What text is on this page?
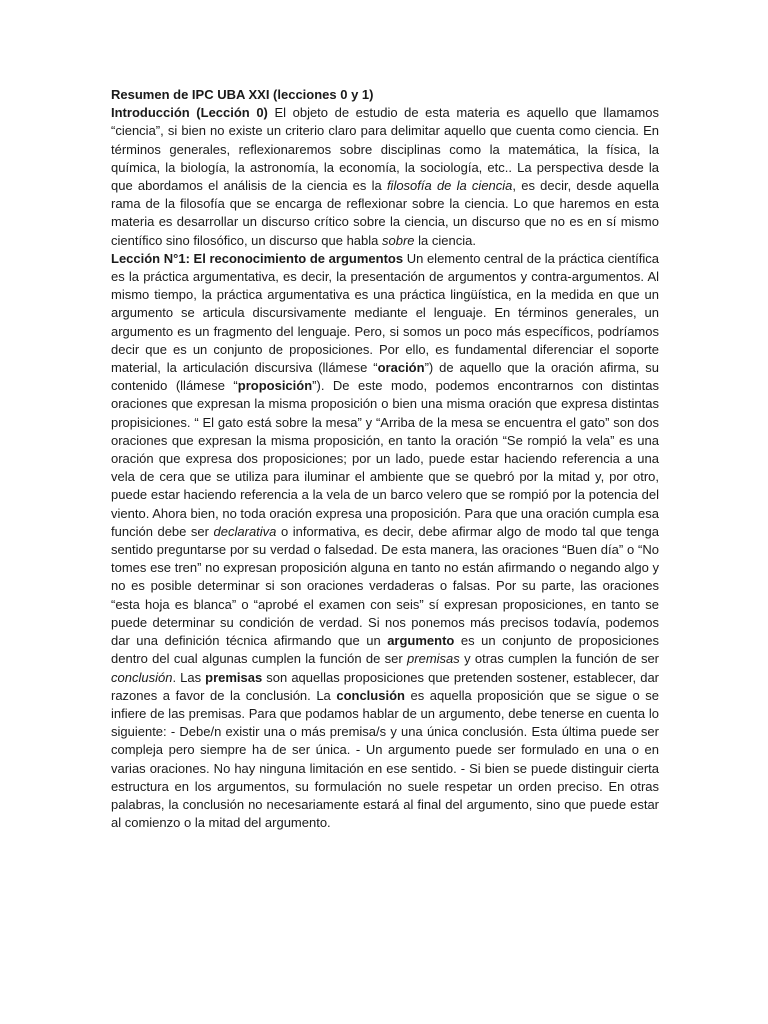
Resumen de IPC UBA XXI (lecciones 0 y 1)

Introducción (Lección 0) El objeto de estudio de esta materia es aquello que llamamos “ciencia”, si bien no existe un criterio claro para delimitar aquello que cuenta como ciencia. En términos generales, reflexionaremos sobre disciplinas como la matemática, la física, la química, la biología, la astronomía, la economía, la sociología, etc.. La perspectiva desde la que abordamos el análisis de la ciencia es la filosofía de la ciencia, es decir, desde aquella rama de la filosofía que se encarga de reflexionar sobre la ciencia. Lo que haremos en esta materia es desarrollar un discurso crítico sobre la ciencia, un discurso que no es en sí mismo científico sino filosófico, un discurso que habla sobre la ciencia.

Lección N°1: El reconocimiento de argumentos Un elemento central de la práctica científica es la práctica argumentativa, es decir, la presentación de argumentos y contra-argumentos. Al mismo tiempo, la práctica argumentativa es una práctica lingüística, en la medida en que un argumento se articula discursivamente mediante el lenguaje. En términos generales, un argumento es un fragmento del lenguaje. Pero, si somos un poco más específicos, podríamos decir que es un conjunto de proposiciones. Por ello, es fundamental diferenciar el soporte material, la articulación discursiva (llámese “oración”) de aquello que la oración afirma, su contenido (llámese “proposición”). De este modo, podemos encontrarnos con distintas oraciones que expresan la misma proposición o bien una misma oración que expresa distintas propisiciones. “ El gato está sobre la mesa” y “Arriba de la mesa se encuentra el gato” son dos oraciones que expresan la misma proposición, en tanto la oración “Se rompió la vela” es una oración que expresa dos proposiciones; por un lado, puede estar haciendo referencia a una vela de cera que se utiliza para iluminar el ambiente que se quebró por la mitad y, por otro, puede estar haciendo referencia a la vela de un barco velero que se rompió por la potencia del viento. Ahora bien, no toda oración expresa una proposición. Para que una oración cumpla esa función debe ser declarativa o informativa, es decir, debe afirmar algo de modo tal que tenga sentido preguntarse por su verdad o falsedad. De esta manera, las oraciones “Buen día” o “No tomes ese tren” no expresan proposición alguna en tanto no están afirmando o negando algo y no es posible determinar si son oraciones verdaderas o falsas. Por su parte, las oraciones “esta hoja es blanca” o “aprobé el examen con seis” sí expresan proposiciones, en tanto se puede determinar su condición de verdad. Si nos ponemos más precisos todavía, podemos dar una definición técnica afirmando que un argumento es un conjunto de proposiciones dentro del cual algunas cumplen la función de ser premisas y otras cumplen la función de ser conclusión. Las premisas son aquellas proposiciones que pretenden sostener, establecer, dar razones a favor de la conclusión. La conclusión es aquella proposición que se sigue o se infiere de las premisas. Para que podamos hablar de un argumento, debe tenerse en cuenta lo siguiente: - Debe/n existir una o más premisa/s y una única conclusión. Esta última puede ser compleja pero siempre ha de ser única. - Un argumento puede ser formulado en una o en varias oraciones. No hay ninguna limitación en ese sentido. - Si bien se puede distinguir cierta estructura en los argumentos, su formulación no suele respetar un orden preciso. En otras palabras, la conclusión no necesariamente estará al final del argumento, sino que puede estar al comienzo o la mitad del argumento.
